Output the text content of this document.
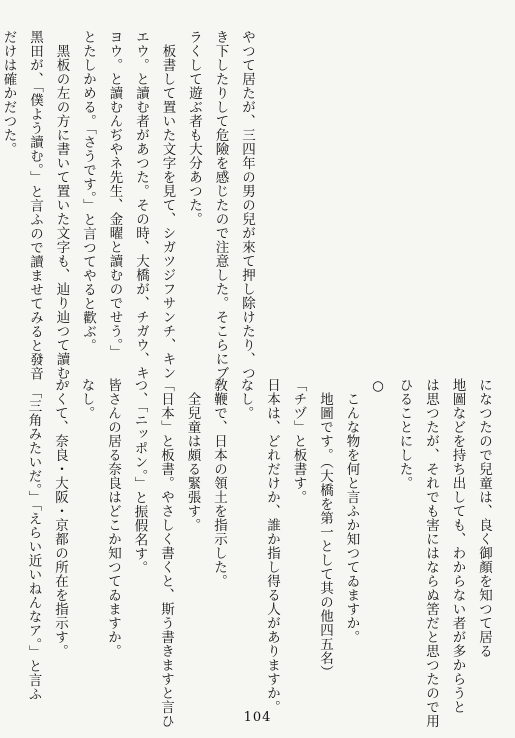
やつて居たが、三四年の男の兒が來て押し除けたり、つ
き下したりして危險を感じたので注意した。そこらにブ
ラくして遊ぶ者も大分あつた。
　板書して置いた文字を見て、シガツジフサンチ、キン
エウ。と讀む者があつた。その時、大橋が、チガウ、キ
ヨウ。と讀むんぢやネ先生、金曜と讀むのでせう。」
とたしかめる。「さうです。」と言つてやると歡ぶ。
　黑板の左の方に書いて置いた文字も、辿り辿つて讀む。
黑田が、「僕よう讀む。」と言ふので讀ませてみると發音
だけは確かだつた。
になつたので兒童は、良く御顏を知つて居る
地圖などを持ち出しても、わからない者が多からうと
は思つたが、それでも害にはならぬ筈だと思つたので用
ひることにした。
○
　こんな物を何と言ふか知つてゐますか。
　地圖です。（大橋を第一として其の他四五名）
「チヅ」と板書す。
日本は、どれだけか、誰か指し得る人がありますか。
なし。
敎鞭で、日本の領土を指示した。
　全兒童は頗る緊張す。
「日本」と板書。やさしく書くと、斯う書きますと言ひ
つ、「ニッポン。」と振假名す。
皆さんの居る奈良はどこか知つてゐますか。
なし。
かくて、奈良・大阪・京都の所在を指示す。
　「三角みたいだ。」「えらい近いねんなア。」と言ふ
104
